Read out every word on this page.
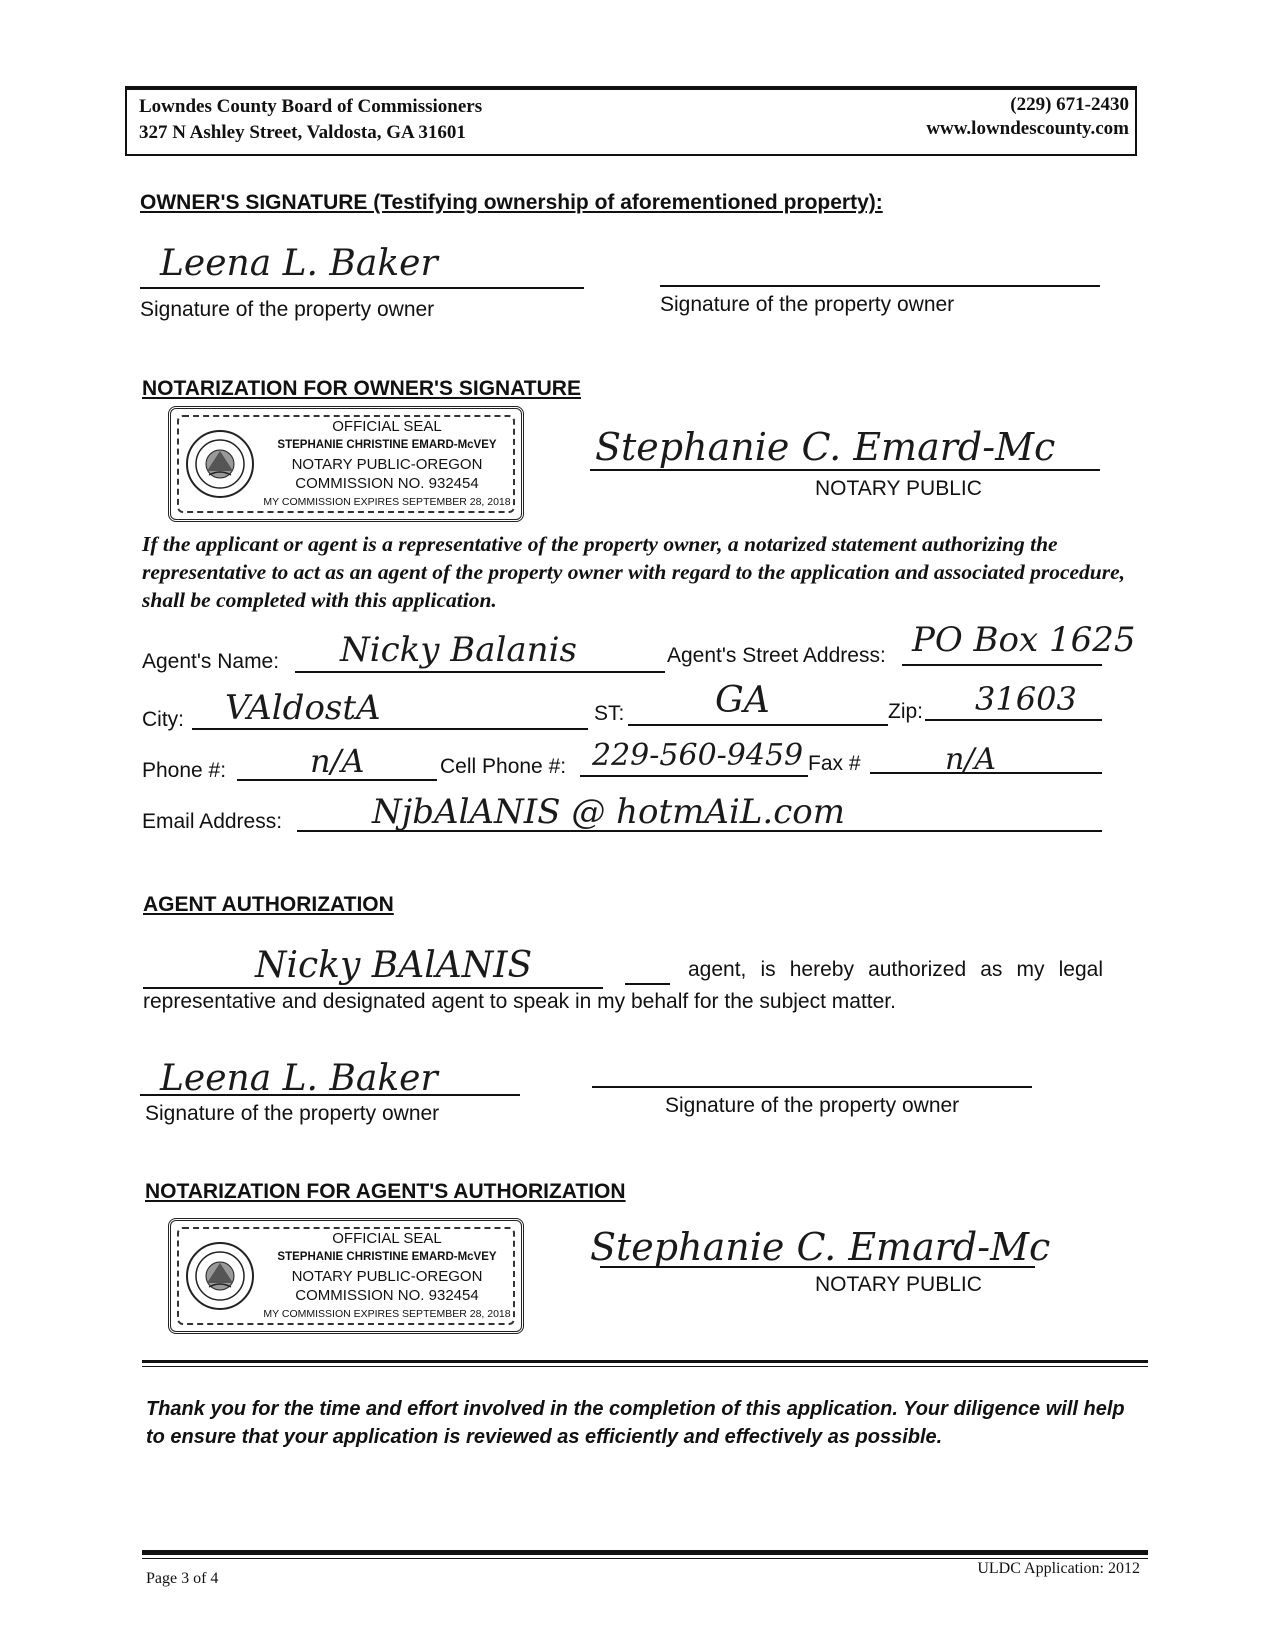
Lowndes County Board of Commissioners
327 N Ashley Street, Valdosta, GA 31601
(229) 671-2430
www.lowndescounty.com
OWNER'S SIGNATURE (Testifying ownership of aforementioned property):
Leena L. Baker
Signature of the property owner	Signature of the property owner
NOTARIZATION FOR OWNER'S SIGNATURE
OFFICIAL SEAL
STEPHANIE CHRISTINE EMARD-McVEY
NOTARY PUBLIC-OREGON
COMMISSION NO. 932454
MY COMMISSION EXPIRES SEPTEMBER 28, 2018
Stephanie C. Emard-Mc
NOTARY PUBLIC
If the applicant or agent is a representative of the property owner, a notarized statement authorizing the representative to act as an agent of the property owner with regard to the application and associated procedure, shall be completed with this application.
Agent's Name: Nicky Balanis	Agent's Street Address: PO Box 1625
City: VAldostA	ST:	GA	Zip: 31603
Phone #:	n/A	Cell Phone #: 229-560-9459 Fax #	n/A
Email Address:	NjbAlANIS @ hotmAiL.com
AGENT AUTHORIZATION
Nicky BAlANIS	agent, is hereby authorized as my legal
representative and designated agent to speak in my behalf for the subject matter.
Leena L. Baker
Signature of the property owner	Signature of the property owner
NOTARIZATION FOR AGENT'S AUTHORIZATION
OFFICIAL SEAL
STEPHANIE CHRISTINE EMARD-McVEY
NOTARY PUBLIC-OREGON
COMMISSION NO. 932454
MY COMMISSION EXPIRES SEPTEMBER 28, 2018
Stephanie C. Emard-Mc
NOTARY PUBLIC
Thank you for the time and effort involved in the completion of this application. Your diligence will help to ensure that your application is reviewed as efficiently and effectively as possible.
Page 3 of 4
ULDC Application: 2012
